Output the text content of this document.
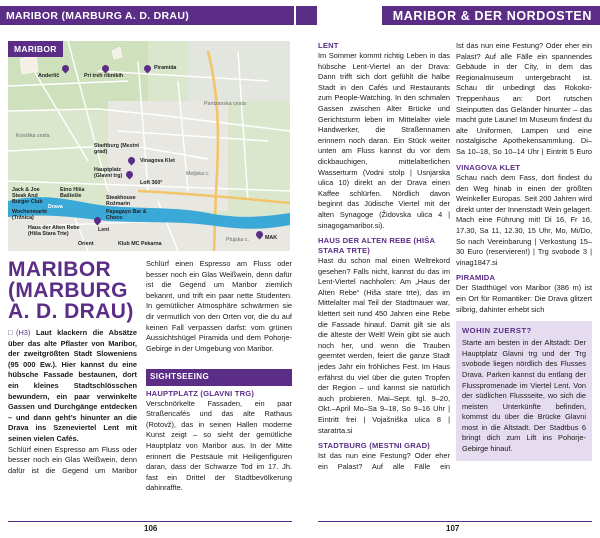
MARIBOR (MARBURG A. D. DRAU)	MARIBOR & DER NORDOSTEN
MARIBOR
Anderlič	Pri treh ribnikih
Piramida
Stadtburg (Mestni grad)
Vinagova Klet
Hauptplatz (Glavni trg)
Loft 360°
Jack & Joe Steak And Burger Club
Etno Hiša Bašlešle
Wochenmarkt (Tržnica)
Steakhouse Rožmarin
Papagayo Bar & Choco
Haus der Alten Rebe (Hiša Stara Trte)
Lent
Orient	Klub MC Pekarna
MAK
Koroška cesta
Drava
Meljska c.
Partizanska cesta
Ptujska c.
MARIBOR (MARBURG A. D. DRAU)

□(H3) Laut klackern die Absätze über das alte Pflaster von Maribor, der zweitgrößten Stadt Sloweniens (95 000 Ew.). Hier kannst du eine hübsche Fassade bestaunen, dort ein kleines Stadtschlösschen bewundern, ein paar verwinkelte Gassen und Durchgänge entdecken – und dann geht’s hinunter an die Drava ins Szeneviertel Lent mit seinen vielen Cafés.

Schlürf einen Espresso am Fluss oder besser noch ein Glas Weißwein, denn dafür ist die Gegend um Maribor

Schlürf einen Espresso am Fluss oder besser noch ein Glas Weißwein, denn dafür ist die Gegend um Maribor ziemlich bekannt, und trift ein paar nette Studenten. In gemütlicher Atmosphäre schwärmen sie dir vermutlich von den Orten vor, die du auf keinen Fall verpassen darfst: vom grünen Aussichtshügel Piramida und dem Pohorje-Gebirge in der Umgebung von Maribor.

SIGHTSEEING
HAUPTPLATZ (GLAVNI TRG)

Verschnörkelte Fassaden, ein paar Straßencafés und das alte Rathaus (Rotovž), das in seinen Hallen moderne Kunst zeigt – so sieht der gemütliche Hauptplatz von Maribor aus. In der Mitte erinnert die Pestsäule mit Heiligenfiguren daran, dass der Schwarze Tod im 17. Jh. fast ein Drittel der Stadtbevölkerung dahinraffte.

106
LENT

Im Sommer kommt richtig Leben in das hübsche Lent-Viertel an der Drava: Dann trifft sich dort gefühlt die halbe Stadt in den Cafés und Restaurants zum People-Watching. In den schmalen Gassen zwischen Alter Brücke und Gerichtsturm leben im Mittelalter viele Handwerker, die Straßennamen erinnern noch daran. Ein Stück weiter unten am Fluss kannst du vor dem dickbauchigen, mittelalterlichen Wasserturm (Vodni stolp | Usnjarska ulica 10) direkt an der Drava einen Kaffee schlürfen. Nördlich davon beginnt das Jüdische Viertel mit der alten Synagoge (Židovska ulica 4 | sinagogamaribor.si).

HAUS DER ALTEN REBE (HIŠA STARA TRTE)

Hast du schon mal einen Weltrekord gesehen? Falls nicht, kannst du das im Lent-Viertel nachholen: Am „Haus der Alten Rebe“ (Hiša stare trte), das im Mittelalter mal Teil der Stadtmauer war, klettert seit rund 450 Jahren eine Rebe die Fassade hinauf. Damit gilt sie als die älteste der Welt! Wein gibt sie auch noch her, und wenn die Trauben geerntet werden, feiert die ganze Stadt jedes Jahr ein fröhliches Fest. Im Haus erfährst du viel über die guten Tropfen der Region – und kannst sie natürlich auch probieren. Mai–Sept. tgl. 9–20, Okt.–April Mo–Sa 9–18, So 9–16 Uhr | Eintritt frei | Vojašniška ulica 8 | staratrta.si

STADTBURG (MESTNI GRAD)

Ist das nun eine Festung? Oder eher ein Palast? Auf alle Fälle ein

Ist das nun eine Festung? Oder eher ein Palast? Auf alle Fälle ein spannendes Gebäude in der City, in dem das Regionalmuseum untergebracht ist. Schau dir unbedingt das Rokoko-Treppenhaus an: Dort rutschen Steinputten das Geländer hinunter – das macht gute Laune! Im Museum findest du alte Uniformen, Lampen und eine nostalgische Apothekensammlung. Di–Sa 10–18, So 10–14 Uhr | Eintritt 5 Euro

VINAGOVA KLET

Schau nach dem Fass, dort findest du den Weg hinab in einen der größten Weinkeller Europas. Seit 200 Jahren wird direkt unter der Innenstadt Wein gelagert. Mach eine Führung mit! Di 16, Fr 16, 17.30, Sa 11, 12.30, 15 Uhr, Mo, Mi/Do, So nach Vereinbarung | Verkostung 15–30 Euro (reservieren!) | Trg svobode 3 | vinag1847.si

PIRAMIDA

Der Stadthügel von Maribor (386 m) ist ein Ort für Romantiker: Die Drava glitzert silbrig, dahinter erhebt sich

WOHIN ZUERST?

Starte am besten in der Altstadt: Der Hauptplatz Glavni trg und der Trg svobode liegen nördlich des Flusses Drava. Parken kannst du entlang der Flusspromenade im Viertel Lent. Von der südlichen Flussseite, wo sich die meisten Unterkünfte befinden, kommst du über die Brücke Glavni most in die Altstadt. Der Stadtbus 6 bringt dich zum Lift ins Pohorje-Gebirge hinauf.

107
